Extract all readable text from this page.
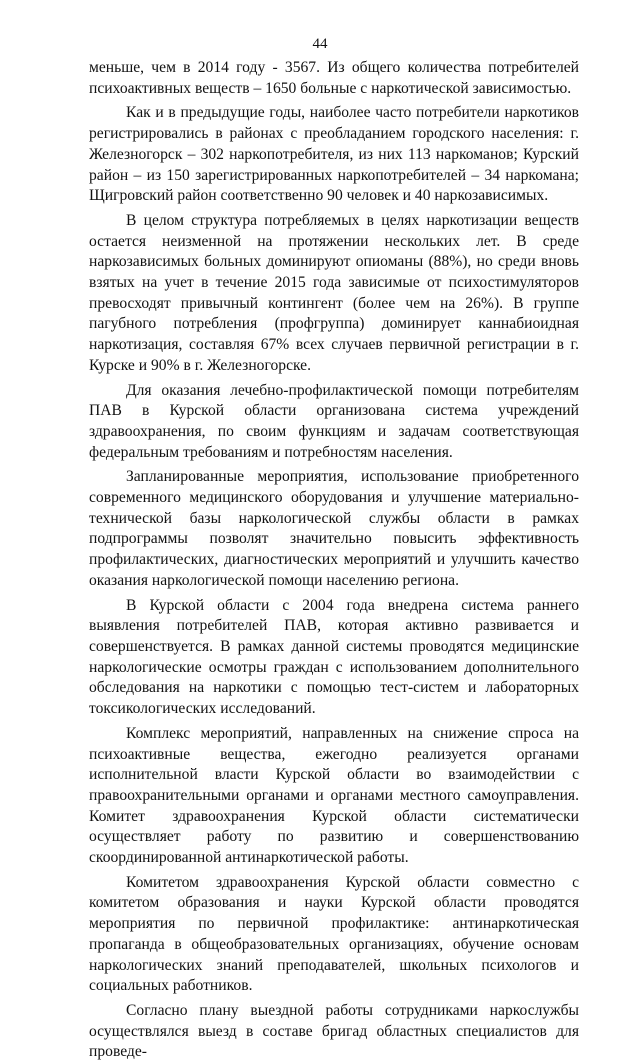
44

меньше, чем в 2014 году - 3567. Из общего количества потребителей психоактивных веществ – 1650 больные с наркотической зависимостью.

Как и в предыдущие годы, наиболее часто потребители наркотиков регистрировались в районах с преобладанием городского населения: г. Железногорск – 302 наркопотребителя, из них 113 наркоманов; Курский район – из 150 зарегистрированных наркопотребителей – 34 наркомана; Щигровский район соответственно 90 человек и 40 наркозависимых.

В целом структура потребляемых в целях наркотизации веществ остается неизменной на протяжении нескольких лет. В среде наркозависимых больных доминируют опиоманы (88%), но среди вновь взятых на учет в течение 2015 года зависимые от психостимуляторов превосходят привычный контингент (более чем на 26%). В группе пагубного потребления (профгруппа) доминирует каннабиоидная наркотизация, составляя 67% всех случаев первичной регистрации в г. Курске и 90% в г. Железногорске.

Для оказания лечебно-профилактической помощи потребителям ПАВ в Курской области организована система учреждений здравоохранения, по своим функциям и задачам соответствующая федеральным требованиям и потребностям населения.

Запланированные мероприятия, использование приобретенного современного медицинского оборудования и улучшение материально-технической базы наркологической службы области в рамках подпрограммы позволят значительно повысить эффективность профилактических, диагностических мероприятий и улучшить качество оказания наркологической помощи населению региона.

В Курской области с 2004 года внедрена система раннего выявления потребителей ПАВ, которая активно развивается и совершенствуется. В рамках данной системы проводятся медицинские наркологические осмотры граждан с использованием дополнительного обследования на наркотики с помощью тест-систем и лабораторных токсикологических исследований.

Комплекс мероприятий, направленных на снижение спроса на психоактивные вещества, ежегодно реализуется органами исполнительной власти Курской области во взаимодействии с правоохранительными органами и органами местного самоуправления. Комитет здравоохранения Курской области систематически осуществляет работу по развитию и совершенствованию скоординированной антинаркотической работы.

Комитетом здравоохранения Курской области совместно с комитетом образования и науки Курской области проводятся мероприятия по первичной профилактике: антинаркотическая пропаганда в общеобразовательных организациях, обучение основам наркологических знаний преподавателей, школьных психологов и социальных работников.

Согласно плану выездной работы сотрудниками наркослужбы осуществлялся выезд в составе бригад областных специалистов для проведе-
